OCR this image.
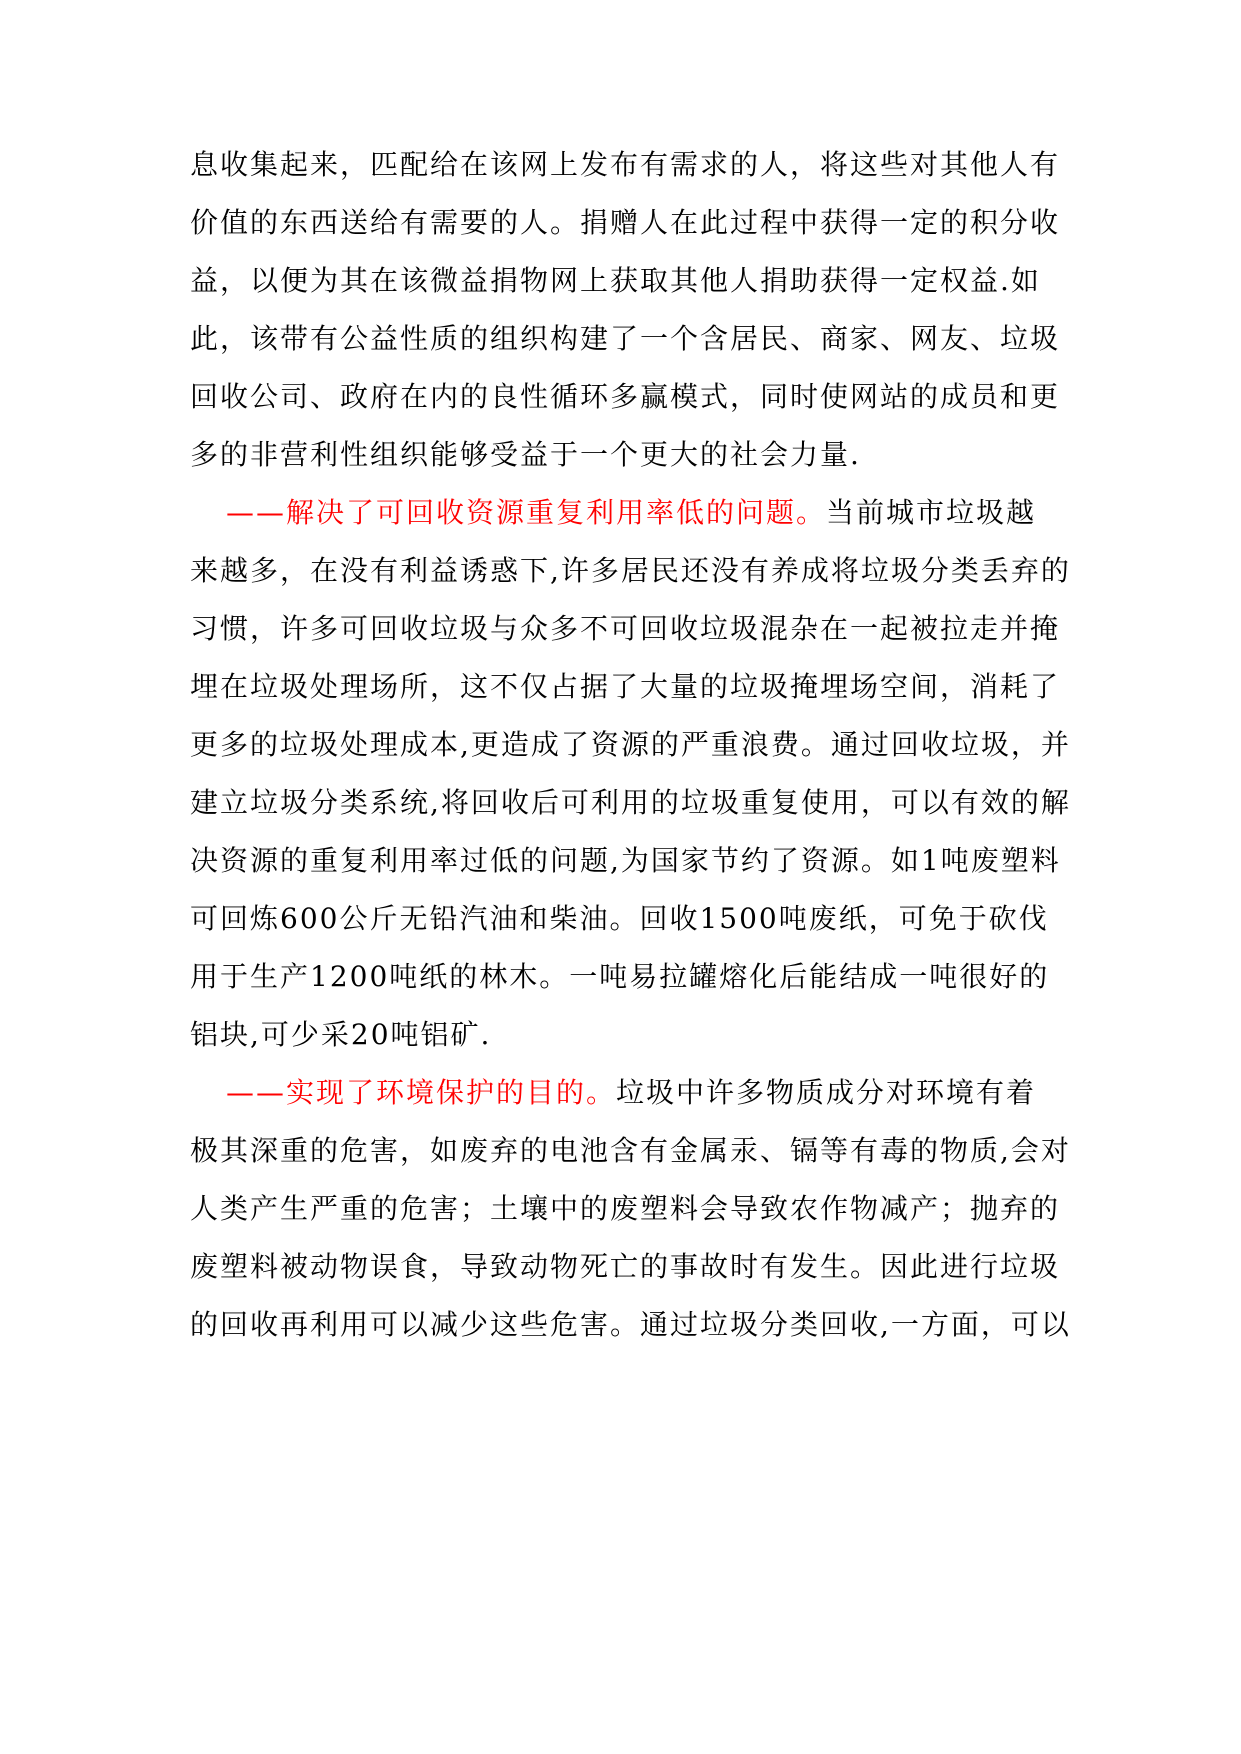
息收集起来，匹配给在该网上发布有需求的人，将这些对其他人有
价值的东西送给有需要的人。捐赠人在此过程中获得一定的积分收
益，以便为其在该微益捐物网上获取其他人捐助获得一定权益.如
此，该带有公益性质的组织构建了一个含居民、商家、网友、垃圾
回收公司、政府在内的良性循环多赢模式，同时使网站的成员和更
多的非营利性组织能够受益于一个更大的社会力量.
——解决了可回收资源重复利用率低的问题。当前城市垃圾越
来越多，在没有利益诱惑下,许多居民还没有养成将垃圾分类丢弃的
习惯，许多可回收垃圾与众多不可回收垃圾混杂在一起被拉走并掩
埋在垃圾处理场所，这不仅占据了大量的垃圾掩埋场空间，消耗了
更多的垃圾处理成本,更造成了资源的严重浪费。通过回收垃圾，并
建立垃圾分类系统,将回收后可利用的垃圾重复使用，可以有效的解
决资源的重复利用率过低的问题,为国家节约了资源。如1吨废塑料
可回炼600公斤无铅汽油和柴油。回收1500吨废纸，可免于砍伐
用于生产1200吨纸的林木。一吨易拉罐熔化后能结成一吨很好的
铝块,可少采20吨铝矿.
——实现了环境保护的目的。垃圾中许多物质成分对环境有着
极其深重的危害，如废弃的电池含有金属汞、镉等有毒的物质,会对
人类产生严重的危害；土壤中的废塑料会导致农作物减产；抛弃的
废塑料被动物误食，导致动物死亡的事故时有发生。因此进行垃圾
的回收再利用可以减少这些危害。通过垃圾分类回收,一方面，可以
